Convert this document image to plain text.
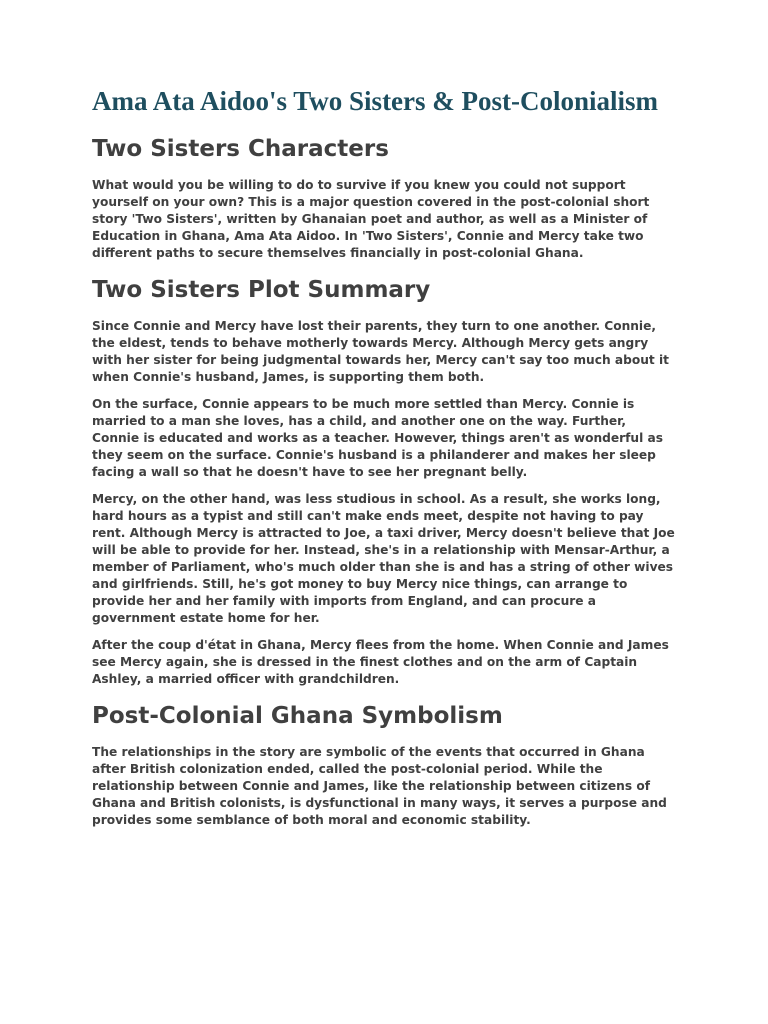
Ama Ata Aidoo's Two Sisters & Post-Colonialism
Two Sisters Characters

What would you be willing to do to survive if you knew you could not support yourself on your own? This is a major question covered in the post-colonial short story 'Two Sisters', written by Ghanaian poet and author, as well as a Minister of Education in Ghana, Ama Ata Aidoo. In 'Two Sisters', Connie and Mercy take two different paths to secure themselves financially in post-colonial Ghana.

Two Sisters Plot Summary

Since Connie and Mercy have lost their parents, they turn to one another. Connie, the eldest, tends to behave motherly towards Mercy. Although Mercy gets angry with her sister for being judgmental towards her, Mercy can't say too much about it when Connie's husband, James, is supporting them both.

On the surface, Connie appears to be much more settled than Mercy. Connie is married to a man she loves, has a child, and another one on the way. Further, Connie is educated and works as a teacher. However, things aren't as wonderful as they seem on the surface. Connie's husband is a philanderer and makes her sleep facing a wall so that he doesn't have to see her pregnant belly.

Mercy, on the other hand, was less studious in school. As a result, she works long, hard hours as a typist and still can't make ends meet, despite not having to pay rent. Although Mercy is attracted to Joe, a taxi driver, Mercy doesn't believe that Joe will be able to provide for her. Instead, she's in a relationship with Mensar-Arthur, a member of Parliament, who's much older than she is and has a string of other wives and girlfriends. Still, he's got money to buy Mercy nice things, can arrange to provide her and her family with imports from England, and can procure a government estate home for her.

After the coup d'état in Ghana, Mercy flees from the home. When Connie and James see Mercy again, she is dressed in the finest clothes and on the arm of Captain Ashley, a married officer with grandchildren.

Post-Colonial Ghana Symbolism

The relationships in the story are symbolic of the events that occurred in Ghana after British colonization ended, called the post-colonial period. While the relationship between Connie and James, like the relationship between citizens of Ghana and British colonists, is dysfunctional in many ways, it serves a purpose and provides some semblance of both moral and economic stability.
